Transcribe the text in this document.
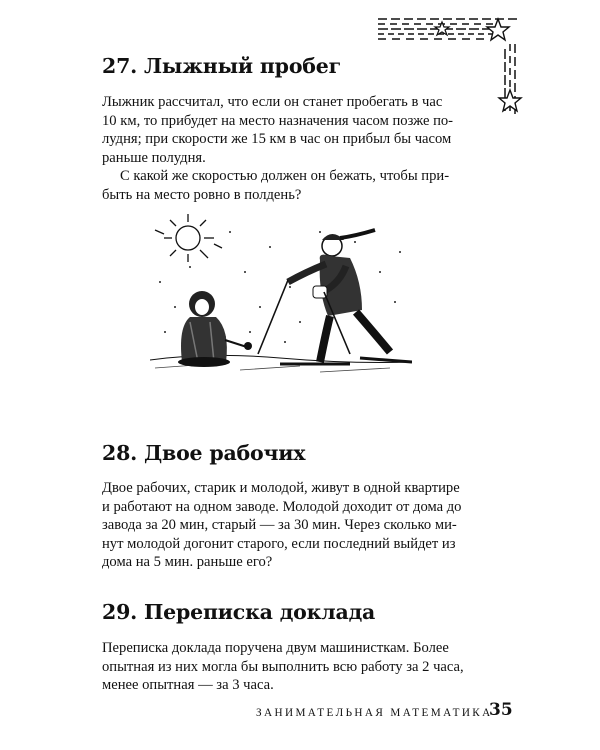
27. Лыжный пробег
Лыжник рассчитал, что если он станет пробегать в час
10 км, то прибудет на место назначения часом позже по-
лудня; при скорости же 15 км в час он прибыл бы часом
раньше полудня.
С какой же скоростью должен он бежать, чтобы при-
быть на место ровно в полдень?
28. Двое рабочих
Двое рабочих, старик и молодой, живут в одной квартире
и работают на одном заводе. Молодой доходит от дома до
завода за 20 мин, старый — за 30 мин. Через сколько ми-
нут молодой догонит старого, если последний выйдет из
дома на 5 мин. раньше его?
29. Переписка доклада
Переписка доклада поручена двум машинисткам. Более
опытная из них могла бы выполнить всю работу за 2 часа,
менее опытная — за 3 часа.
ЗАНИМАТЕЛЬНАЯ МАТЕМАТИКА
35
